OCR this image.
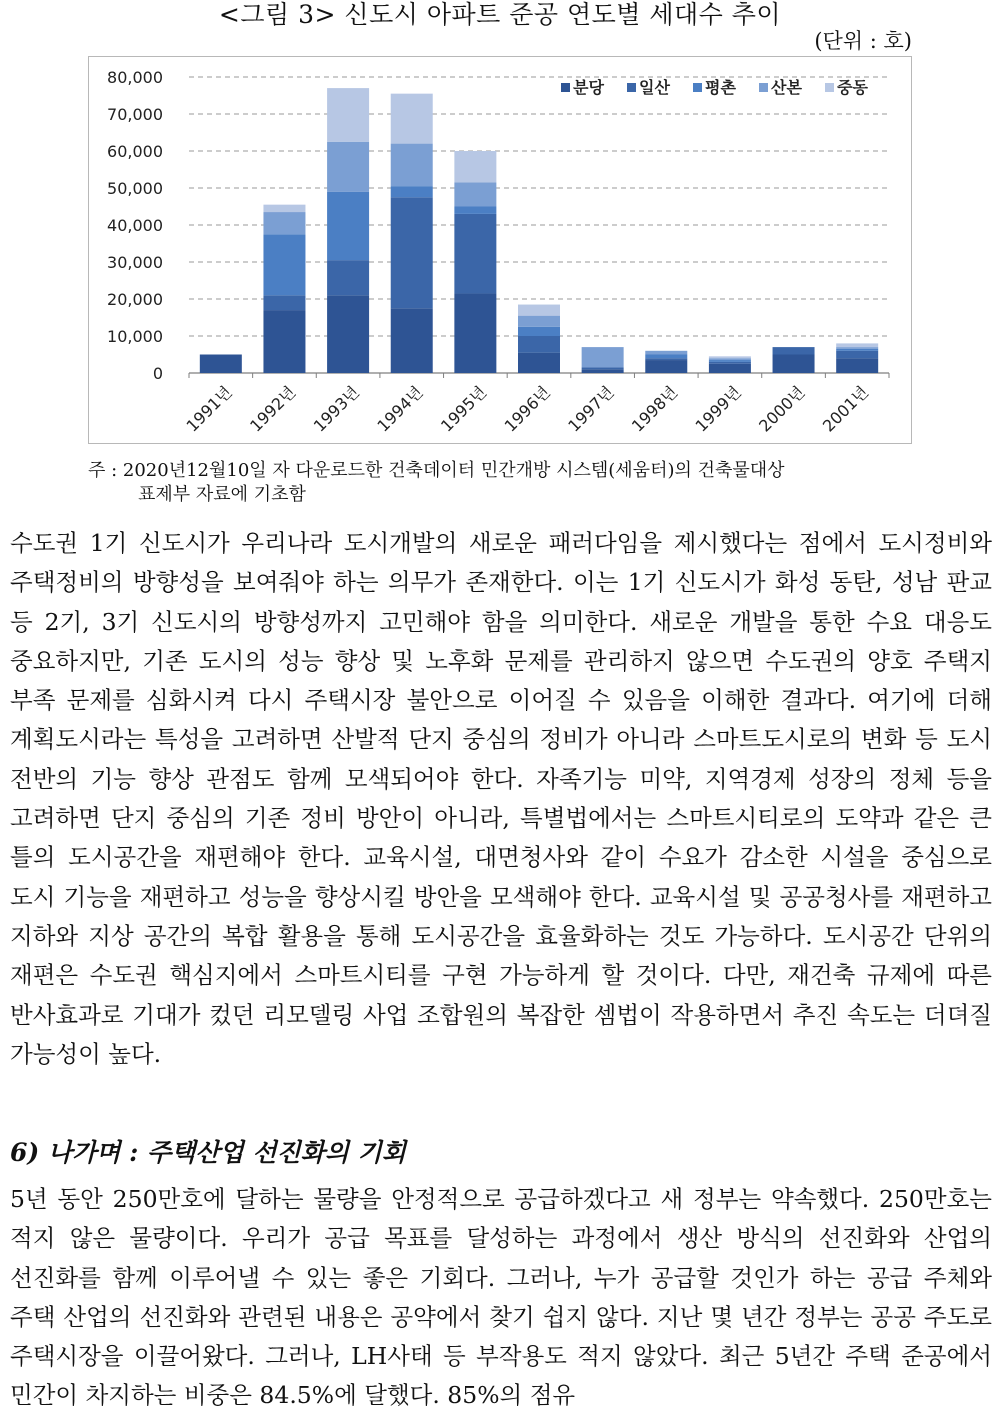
<그림 3> 신도시 아파트 준공 연도별 세대수 추이
(단위 : 호)
0
10,000
20,000
30,000
40,000
50,000
60,000
70,000
80,000
1991년 1992년 1993년 1994년 1995년 1996년 1997년 1998년 1999년 2000년 2001년
분당 일산 평촌 산본 중동
주 : 2020년12월10일 자 다운로드한 건축데이터 민간개방 시스템(세움터)의 건축물대상
표제부 자료에 기초함

수도권 1기 신도시가 우리나라 도시개발의 새로운 패러다임을 제시했다는 점에서 도시정비와 주택정비의 방향성을 보여줘야 하는 의무가 존재한다. 이는 1기 신도시가 화성 동탄, 성남 판교 등 2기, 3기 신도시의 방향성까지 고민해야 함을 의미한다. 새로운 개발을 통한 수요 대응도 중요하지만, 기존 도시의 성능 향상 및 노후화 문제를 관리하지 않으면 수도권의 양호 주택지 부족 문제를 심화시켜 다시 주택시장 불안으로 이어질 수 있음을 이해한 결과다. 여기에 더해 계획도시라는 특성을 고려하면 산발적 단지 중심의 정비가 아니라 스마트도시로의 변화 등 도시 전반의 기능 향상 관점도 함께 모색되어야 한다. 자족기능 미약, 지역경제 성장의 정체 등을 고려하면 단지 중심의 기존 정비 방안이 아니라, 특별법에서는 스마트시티로의 도약과 같은 큰 틀의 도시공간을 재편해야 한다. 교육시설, 대면청사와 같이 수요가 감소한 시설을 중심으로 도시 기능을 재편하고 성능을 향상시킬 방안을 모색해야 한다. 교육시설 및 공공청사를 재편하고 지하와 지상 공간의 복합 활용을 통해 도시공간을 효율화하는 것도 가능하다. 도시공간 단위의 재편은 수도권 핵심지에서 스마트시티를 구현 가능하게 할 것이다. 다만, 재건축 규제에 따른 반사효과로 기대가 컸던 리모델링 사업 조합원의 복잡한 셈법이 작용하면서 추진 속도는 더뎌질 가능성이 높다.

6) 나가며 : 주택산업 선진화의 기회

5년 동안 250만호에 달하는 물량을 안정적으로 공급하겠다고 새 정부는 약속했다. 250만호는 적지 않은 물량이다. 우리가 공급 목표를 달성하는 과정에서 생산 방식의 선진화와 산업의 선진화를 함께 이루어낼 수 있는 좋은 기회다. 그러나, 누가 공급할 것인가 하는 공급 주체와 주택 산업의 선진화와 관련된 내용은 공약에서 찾기 쉽지 않다. 지난 몇 년간 정부는 공공 주도로 주택시장을 이끌어왔다. 그러나, LH사태 등 부작용도 적지 않았다. 최근 5년간 주택 준공에서 민간이 차지하는 비중은 84.5%에 달했다. 85%의 점유
